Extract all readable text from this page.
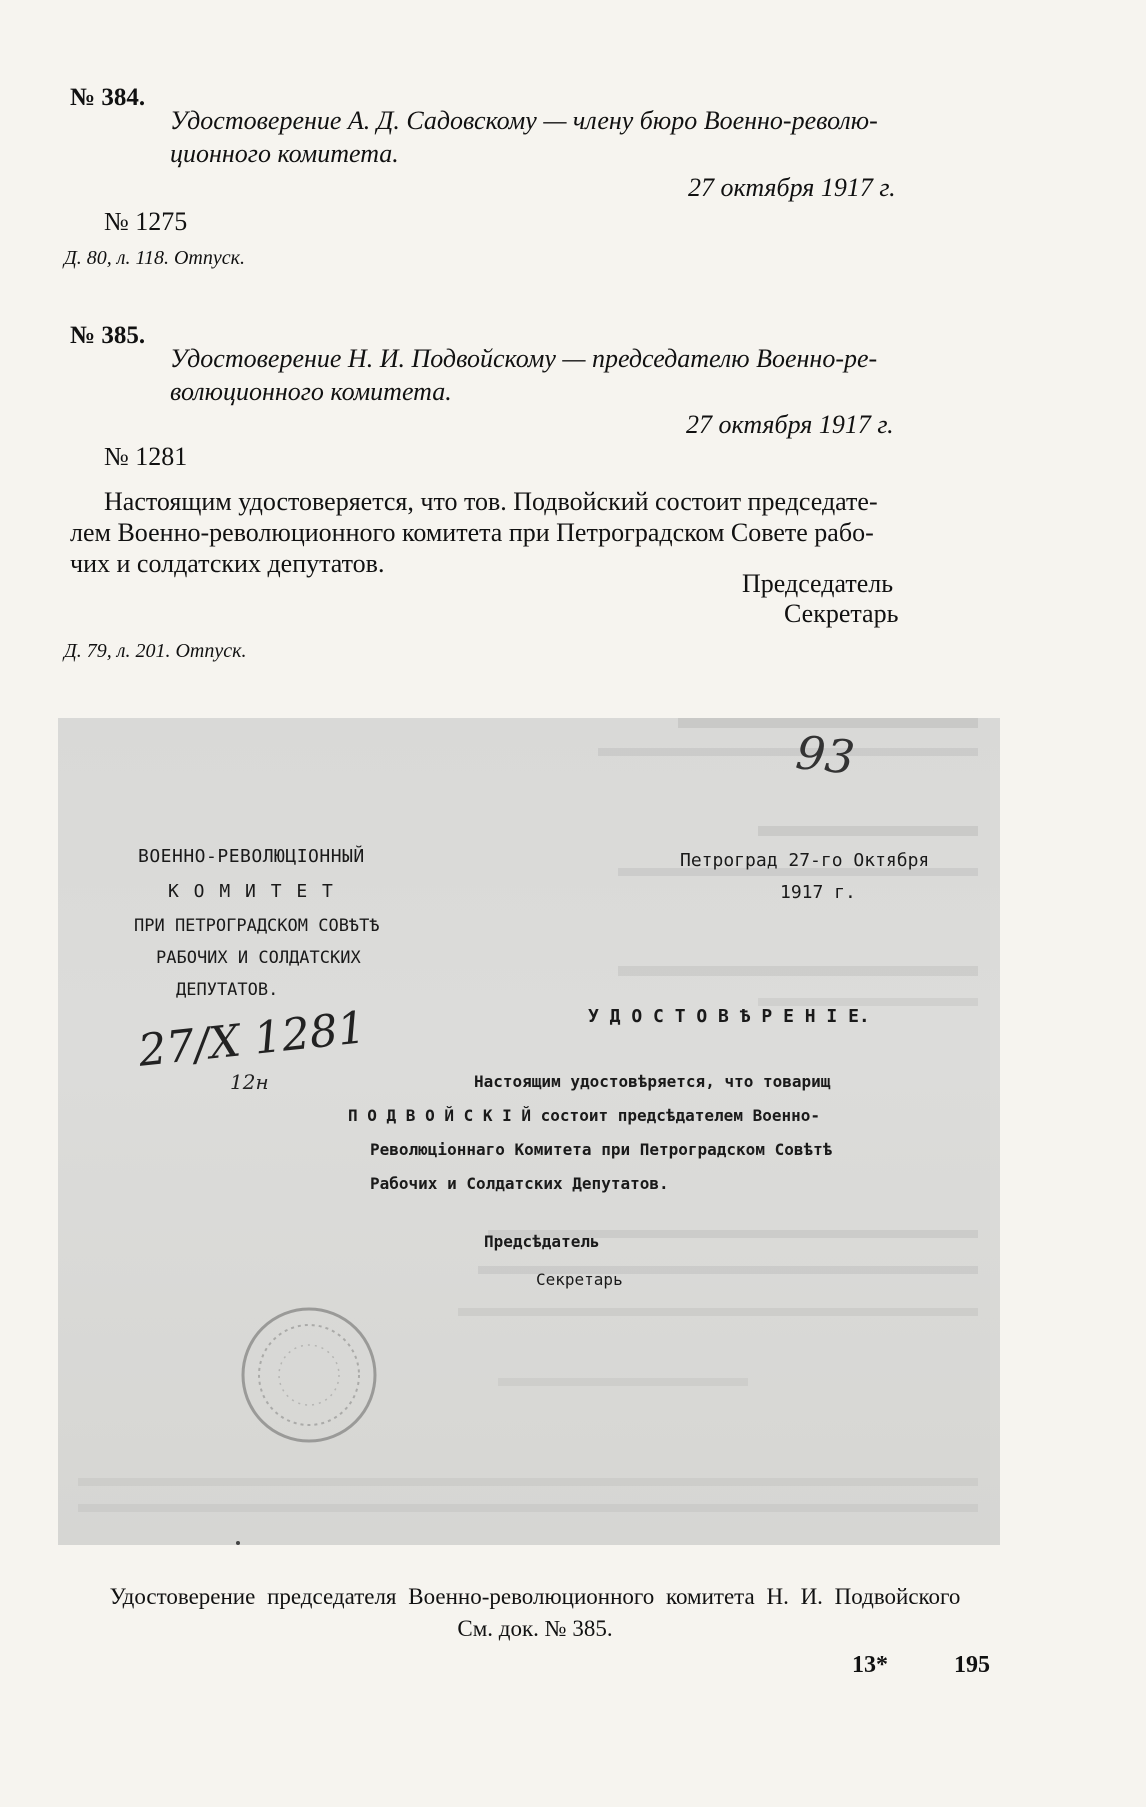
№ 384.
Удостоверение А. Д. Садовскому — члену бюро Военно-револю-
ционного комитета.
27 октября 1917 г.
№ 1275
Д. 80, л. 118. Отпуск.
№ 385.
Удостоверение Н. И. Подвойскому — председателю Военно-ре-
волюционного комитета.
27 октября 1917 г.
№ 1281
Настоящим удостоверяется, что тов. Подвойский состоит председате-
лем Военно-революционного комитета при Петроградском Совете рабо-
чих и солдатских депутатов.
Председатель
Секретарь
Д. 79, л. 201. Отпуск.
ВОЕННО-РЕВОЛЮЦIОННЫЙ
К О М И Т Е Т
ПРИ ПЕТРОГРАДСКОМ СОВѢТѢ
РАБОЧИХ И СОЛДАТСКИХ
ДЕПУТАТОВ.
Петроград 27-го Октября
1917 г.
93
27/X 1281
12н
У Д О С Т О В Ѣ Р Е Н I Е.
Настоящим удостовѣряется, что товарищ
П О Д В О Й С К I Й состоит предсѣдателем Военно-
Революцiоннаго Комитета при Петроградском Совѣтѣ
Рабочих и Солдатских Депутатов.
Предсѣдатель
Секретарь
Удостоверение председателя Военно-революционного комитета Н. И. Подвойского
См. док. № 385.
13*	195
